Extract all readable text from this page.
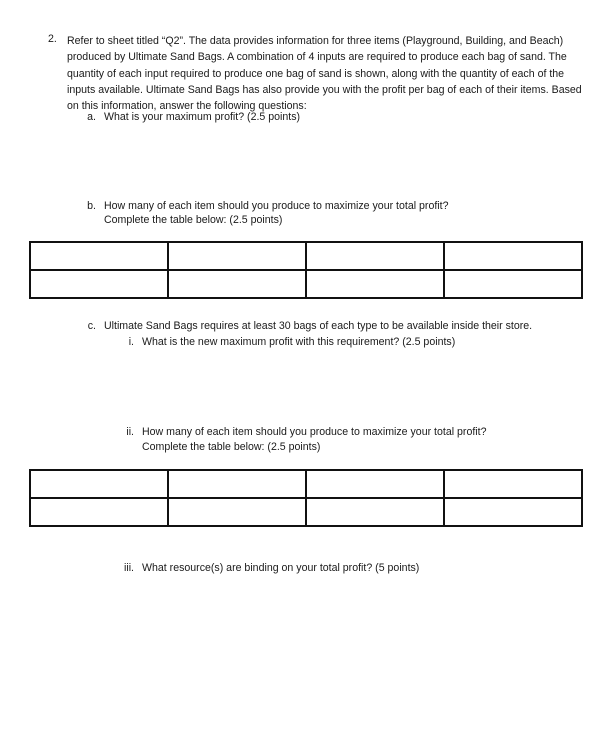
2. Refer to sheet titled “Q2”. The data provides information for three items (Playground, Building, and Beach) produced by Ultimate Sand Bags. A combination of 4 inputs are required to produce each bag of sand. The quantity of each input required to produce one bag of sand is shown, along with the quantity of each of the inputs available. Ultimate Sand Bags has also provide you with the profit per bag of each of their items. Based on this information, answer the following questions:
a. What is your maximum profit? (2.5 points)
b. How many of each item should you produce to maximize your total profit?
Complete the table below: (2.5 points)

c. Ultimate Sand Bags requires at least 30 bags of each type to be available inside their store.
i. What is the new maximum profit with this requirement? (2.5 points)
ii. How many of each item should you produce to maximize your total profit?
Complete the table below: (2.5 points)

iii. What resource(s) are binding on your total profit? (5 points)
